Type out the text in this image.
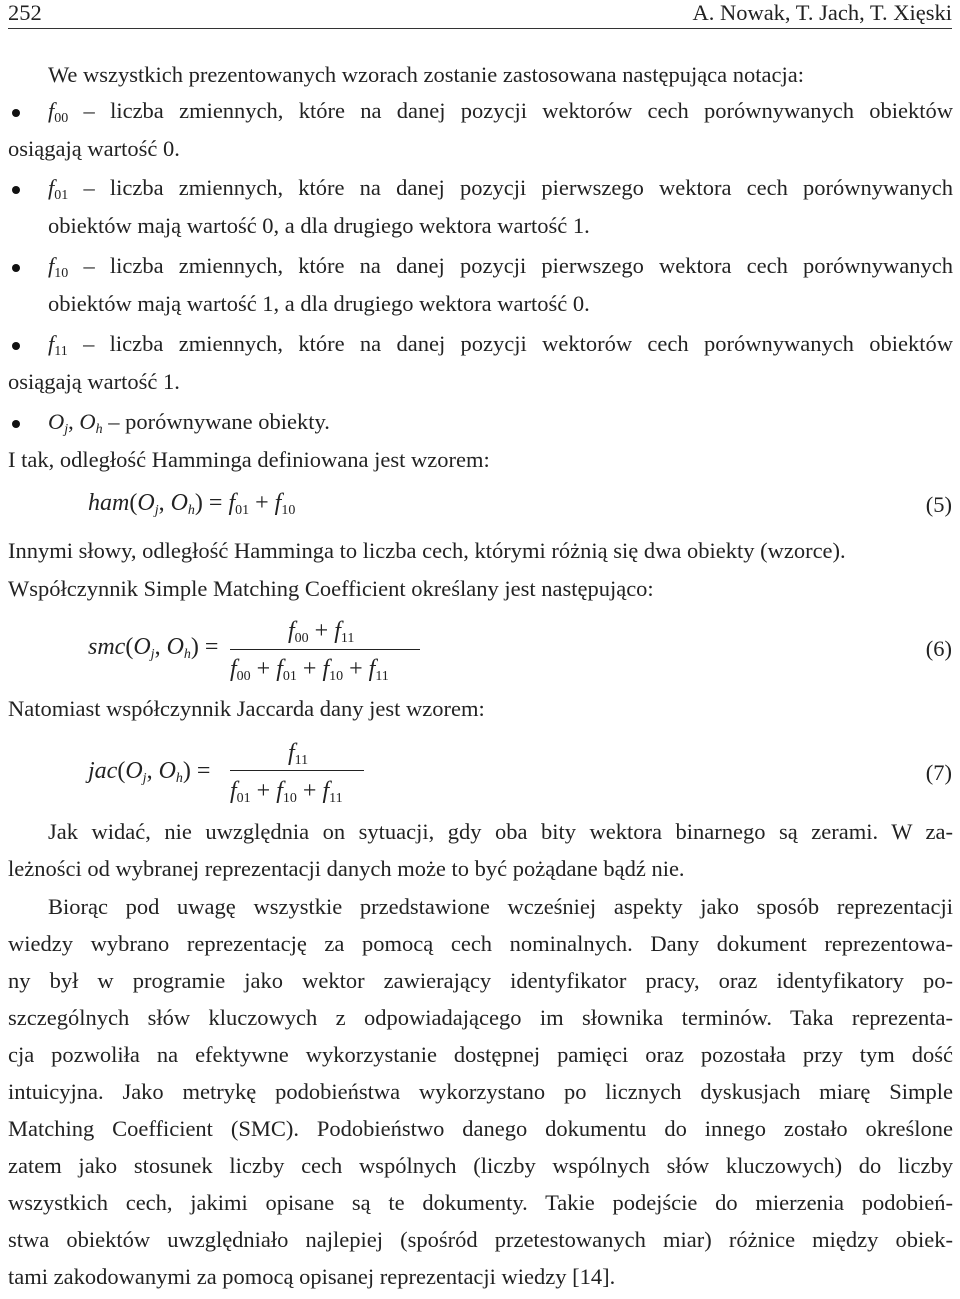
252	A. Nowak, T. Jach, T. Xięski
We wszystkich prezentowanych wzorach zostanie zastosowana następująca notacja:
$f_{00}$ – liczba zmiennych, które na danej pozycji wektorów cech porównywanych obiektów
osiągają wartość 0.
$f_{01}$ – liczba zmiennych, które na danej pozycji pierwszego wektora cech porównywanych
obiektów mają wartość 0, a dla drugiego wektora wartość 1.
$f_{10}$ – liczba zmiennych, które na danej pozycji pierwszego wektora cech porównywanych
obiektów mają wartość 1, a dla drugiego wektora wartość 0.
$f_{11}$ – liczba zmiennych, które na danej pozycji wektorów cech porównywanych obiektów
osiągają wartość 1.
$O_j$, $O_h$ – porównywane obiekty.
I tak, odległość Hamminga definiowana jest wzorem:
$ham(O_j$, $O_h) = f_{01} + f_{10}$	(5)
Innymi słowy, odległość Hamminga to liczba cech, którymi różnią się dwa obiekty (wzorce).
Współczynnik Simple Matching Coefficient określany jest następująco:
$smc(O_j$, $O_h$) =
$f_{00} + f_{11}$
$f_{00} + f_{01} + f_{10} + f_{11}$
(6)
Natomiast współczynnik Jaccarda dany jest wzorem:
$jac(O_j$, $O_h$) =
$f_{11}$
$f_{01} + f_{10} + f_{11}$
(7)
Jak widać, nie uwzględnia on sytuacji, gdy oba bity wektora binarnego są zerami. W za-
leżności od wybranej reprezentacji danych może to być pożądane bądź nie.
Biorąc pod uwagę wszystkie przedstawione wcześniej aspekty jako sposób reprezentacji
wiedzy wybrano reprezentację za pomocą cech nominalnych. Dany dokument reprezentowa-
ny był w programie jako wektor zawierający identyfikator pracy, oraz identyfikatory po-
szczególnych słów kluczowych z odpowiadającego im słownika terminów. Taka reprezenta-
cja pozwoliła na efektywne wykorzystanie dostępnej pamięci oraz pozostała przy tym dość
intuicyjna. Jako metrykę podobieństwa wykorzystano po licznych dyskusjach miarę Simple
Matching Coefficient (SMC). Podobieństwo danego dokumentu do innego zostało określone
zatem jako stosunek liczby cech wspólnych (liczby wspólnych słów kluczowych) do liczby
wszystkich cech, jakimi opisane są te dokumenty. Takie podejście do mierzenia podobień-
stwa obiektów uwzględniało najlepiej (spośród przetestowanych miar) różnice między obiek-
tami zakodowanymi za pomocą opisanej reprezentacji wiedzy [14].
